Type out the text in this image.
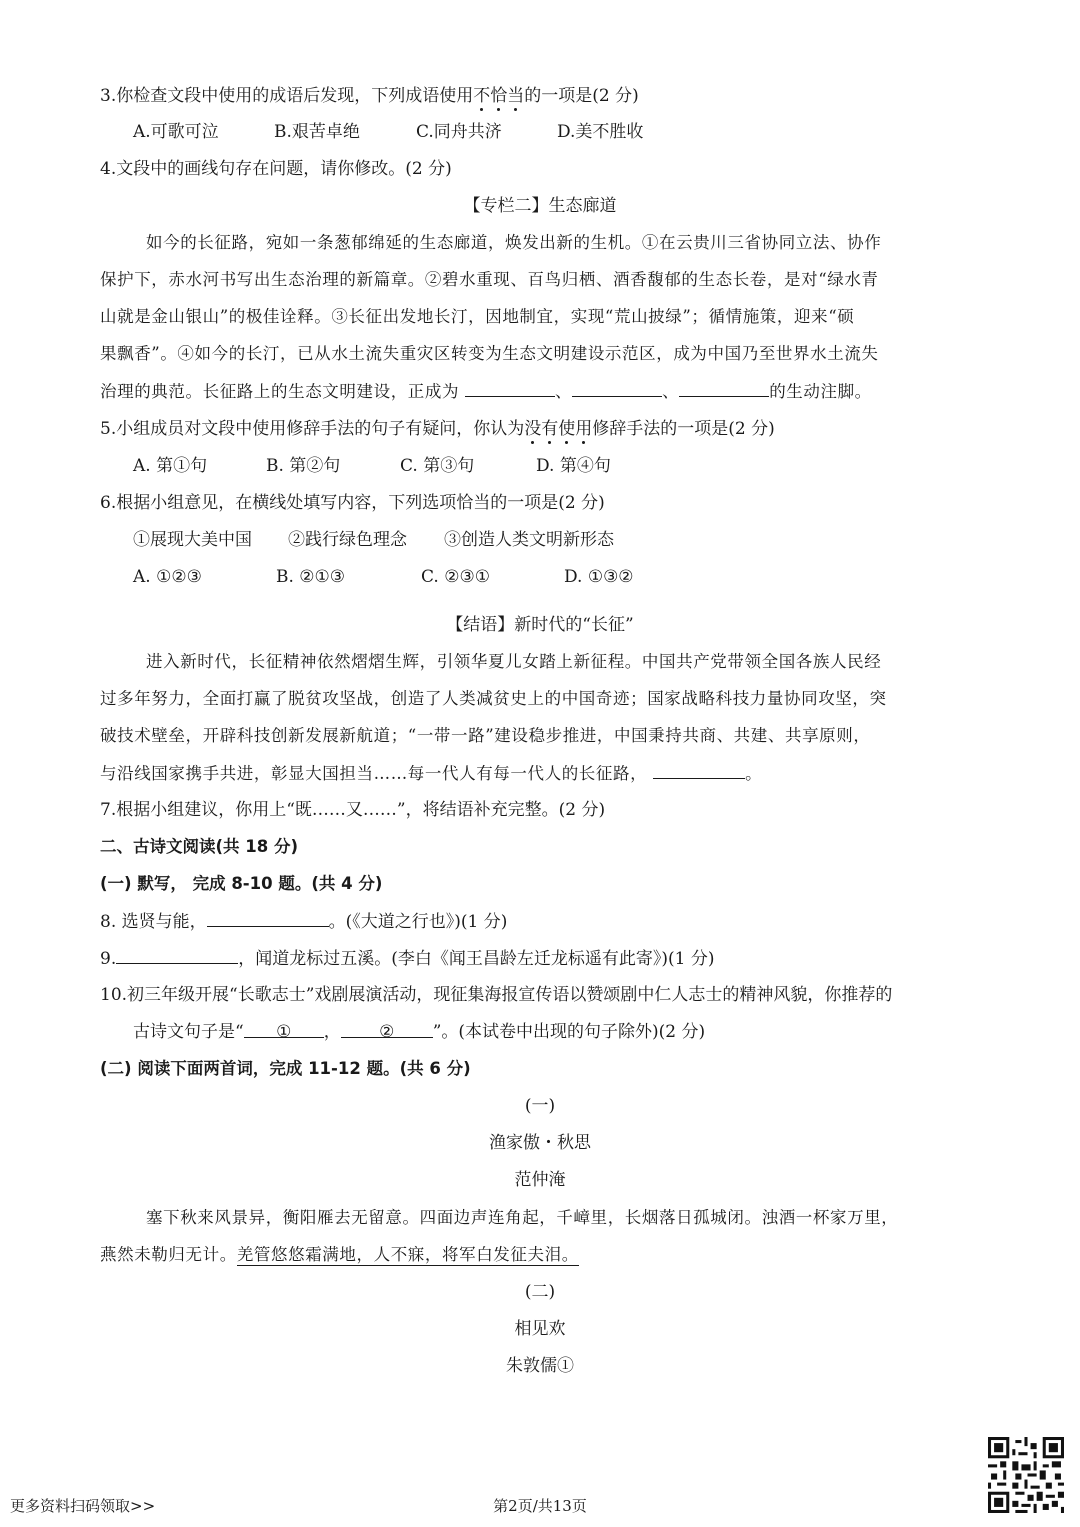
3.你检查文段中使用的成语后发现，下列成语使用不恰当的一项是(2 分)
A.可歌可泣	B.艰苦卓绝	C.同舟共济	D.美不胜收
4.文段中的画线句存在问题，请你修改。(2 分)
【专栏二】生态廊道
如今的长征路，宛如一条葱郁绵延的生态廊道，焕发出新的生机。①在云贵川三省协同立法、协作
保护下，赤水河书写出生态治理的新篇章。②碧水重现、百鸟归栖、酒香馥郁的生态长卷，是对“绿水青
山就是金山银山”的极佳诠释。③长征出发地长汀，因地制宜，实现“荒山披绿”；循情施策，迎来“硕
果飘香”。④如今的长汀，已从水土流失重灾区转变为生态文明建设示范区，成为中国乃至世界水土流失
治理的典范。长征路上的生态文明建设，正成为	、	、	的生动注脚。
5.小组成员对文段中使用修辞手法的句子有疑问，你认为没有使用修辞手法的一项是(2 分)
A. 第①句	B. 第②句	C. 第③句	D. 第④句
6.根据小组意见，在横线处填写内容，下列选项恰当的一项是(2 分)
①展现大美中国 ②践行绿色理念 ③创造人类文明新形态
A. ①②③	B. ②①③	C. ②③①	D. ①③②
【结语】新时代的“长征”
进入新时代，长征精神依然熠熠生辉，引领华夏儿女踏上新征程。中国共产党带领全国各族人民经
过多年努力，全面打赢了脱贫攻坚战，创造了人类减贫史上的中国奇迹；国家战略科技力量协同攻坚，突
破技术壁垒，开辟科技创新发展新航道；“一带一路”建设稳步推进，中国秉持共商、共建、共享原则，
与沿线国家携手共进，彰显大国担当……每一代人有每一代人的长征路，	。
7.根据小组建议，你用上“既……又……”，将结语补充完整。(2 分)
二、古诗文阅读(共 18 分)
(一) 默写， 完成 8-10 题。(共 4 分)
8. 选贤与能，	。(《大道之行也》)(1 分)
9.	，闻道龙标过五溪。(李白《闻王昌龄左迁龙标遥有此寄》)(1 分)
10.初三年级开展“长歌志士”戏剧展演活动，现征集海报宣传语以赞颂剧中仁人志士的精神风貌，你推荐的
古诗文句子是“ ① ， ② ”。(本试卷中出现的句子除外)(2 分)
(二) 阅读下面两首词，完成 11-12 题。(共 6 分)
(一)
渔家傲・秋思
范仲淹
塞下秋来风景异，衡阳雁去无留意。四面边声连角起，千嶂里，长烟落日孤城闭。浊酒一杯家万里，
燕然未勒归无计。羌管悠悠霜满地，人不寐，将军白发征夫泪。
(二)
相见欢
朱敦儒①
更多资料扫码领取>>	第2页/共13页
